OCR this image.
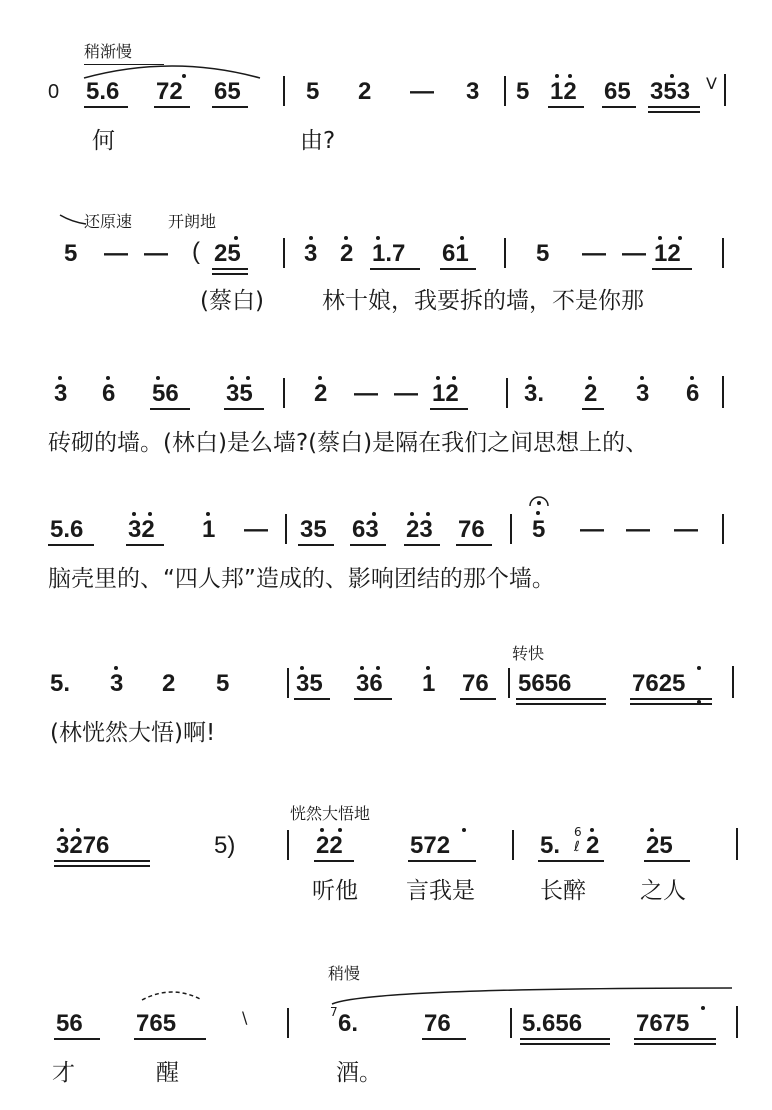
稍渐慢
0 5.6 72 65	5 2 — 3 5 12 65 353 V
何	由?
还原速 开朗地
5 — — ( 25	3 2 1.7 61	5 — — 12
(蔡白)	林十娘，我要拆的墙，不是你那
3 6 56 35	2 — — 12	3. 2 3 6
砖砌的墙。(林白)是么墙?(蔡白)是隔在我们之间思想上的、
5.6 32 1 — 35 63 23 76 5 — — —
脑壳里的、“四人邦”造成的、影响团结的那个墙。
转快
5. 3 2 5	35 36 1 76 5656	7625
(林恍然大悟)啊!
恍然大悟地
3276	5)	22	572	5. 6
ℓ 2 25
听他 言我是	长醉 之人
稍慢
56 765	\	7 6.	76	5.656 7675
才	醒	酒。
